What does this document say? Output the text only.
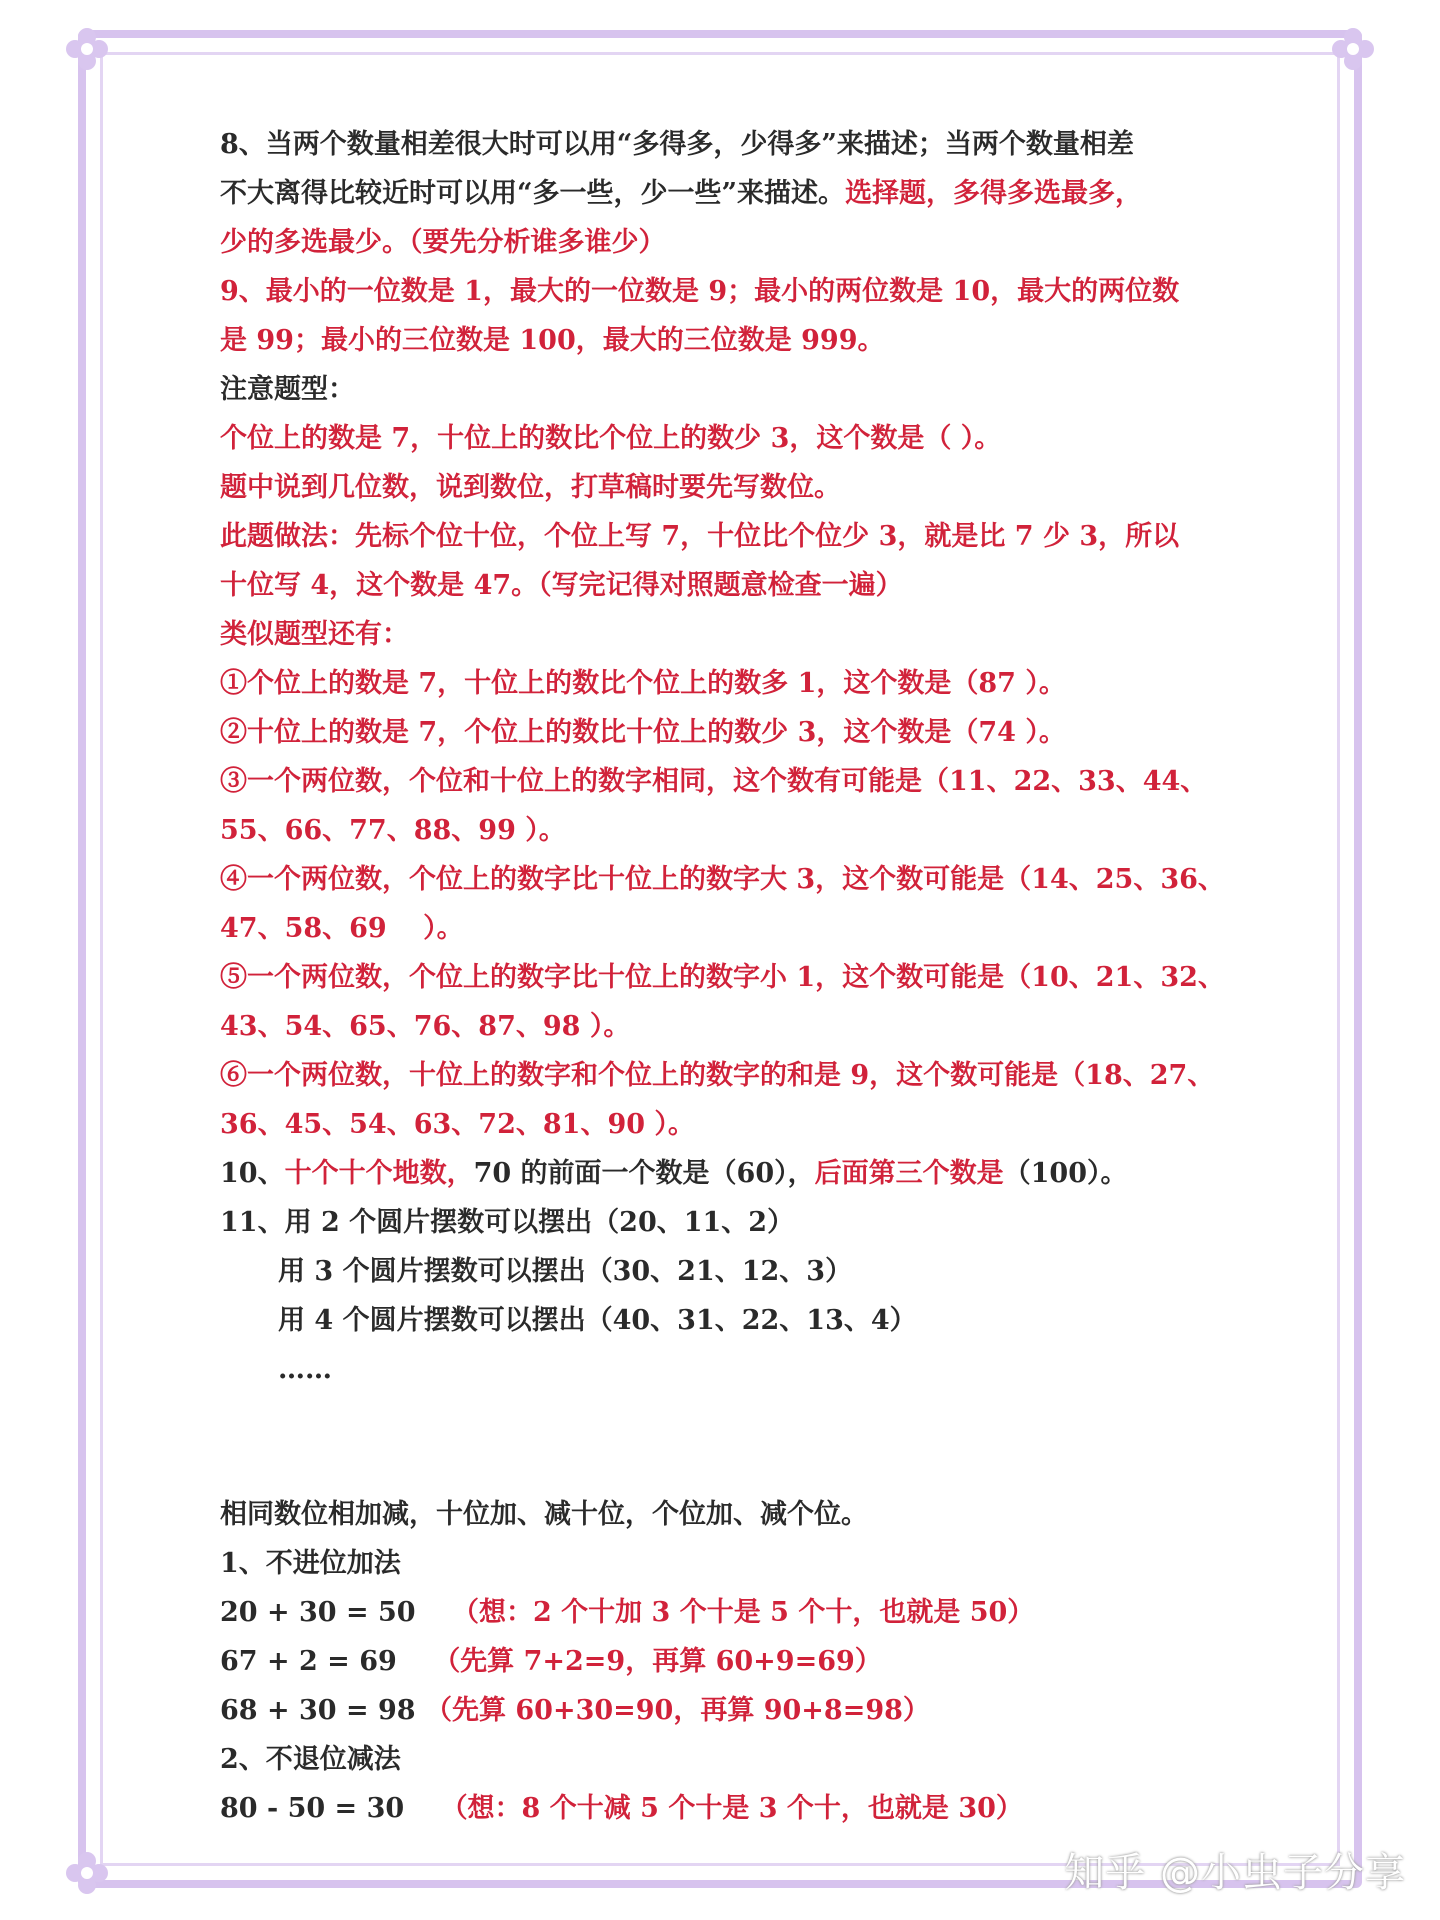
8、当两个数量相差很大时可以用“多得多，少得多”来描述；当两个数量相差
不大离得比较近时可以用“多一些，少一些”来描述。选择题，多得多选最多，
少的多选最少。（要先分析谁多谁少）
9、最小的一位数是 1，最大的一位数是 9；最小的两位数是 10，最大的两位数
是 99；最小的三位数是 100，最大的三位数是 999。
注意题型：
个位上的数是 7，十位上的数比个位上的数少 3，这个数是（ ）。
题中说到几位数，说到数位，打草稿时要先写数位。
此题做法：先标个位十位，个位上写 7，十位比个位少 3，就是比 7 少 3，所以
十位写 4，这个数是 47。（写完记得对照题意检查一遍）
类似题型还有：
①个位上的数是 7，十位上的数比个位上的数多 1，这个数是（87 ）。
②十位上的数是 7，个位上的数比十位上的数少 3，这个数是（74 ）。
③一个两位数，个位和十位上的数字相同，这个数有可能是（11、22、33、44、
55、66、77、88、99 ）。
④一个两位数，个位上的数字比十位上的数字大 3，这个数可能是（14、25、36、
47、58、69　 ）。
⑤一个两位数，个位上的数字比十位上的数字小 1，这个数可能是（10、21、32、
43、54、65、76、87、98 ）。
⑥一个两位数，十位上的数字和个位上的数字的和是 9，这个数可能是（18、27、
36、45、54、63、72、81、90 ）。
10、十个十个地数，70 的前面一个数是（60），后面第三个数是（100）。
11、用 2 个圆片摆数可以摆出（20、11、2）
用 3 个圆片摆数可以摆出（30、21、12、3）
用 4 个圆片摆数可以摆出（40、31、22、13、4）
……
相同数位相加减，十位加、减十位，个位加、减个位。
1、不进位加法
20 + 30 = 50　 （想：2 个十加 3 个十是 5 个十，也就是 50）
67 + 2 = 69　 （先算 7+2=9，再算 60+9=69）
68 + 30 = 98 （先算 60+30=90，再算 90+8=98）
2、不退位减法
80 - 50 = 30　 （想：8 个十减 5 个十是 3 个十，也就是 30）
知乎 @小虫子分享
